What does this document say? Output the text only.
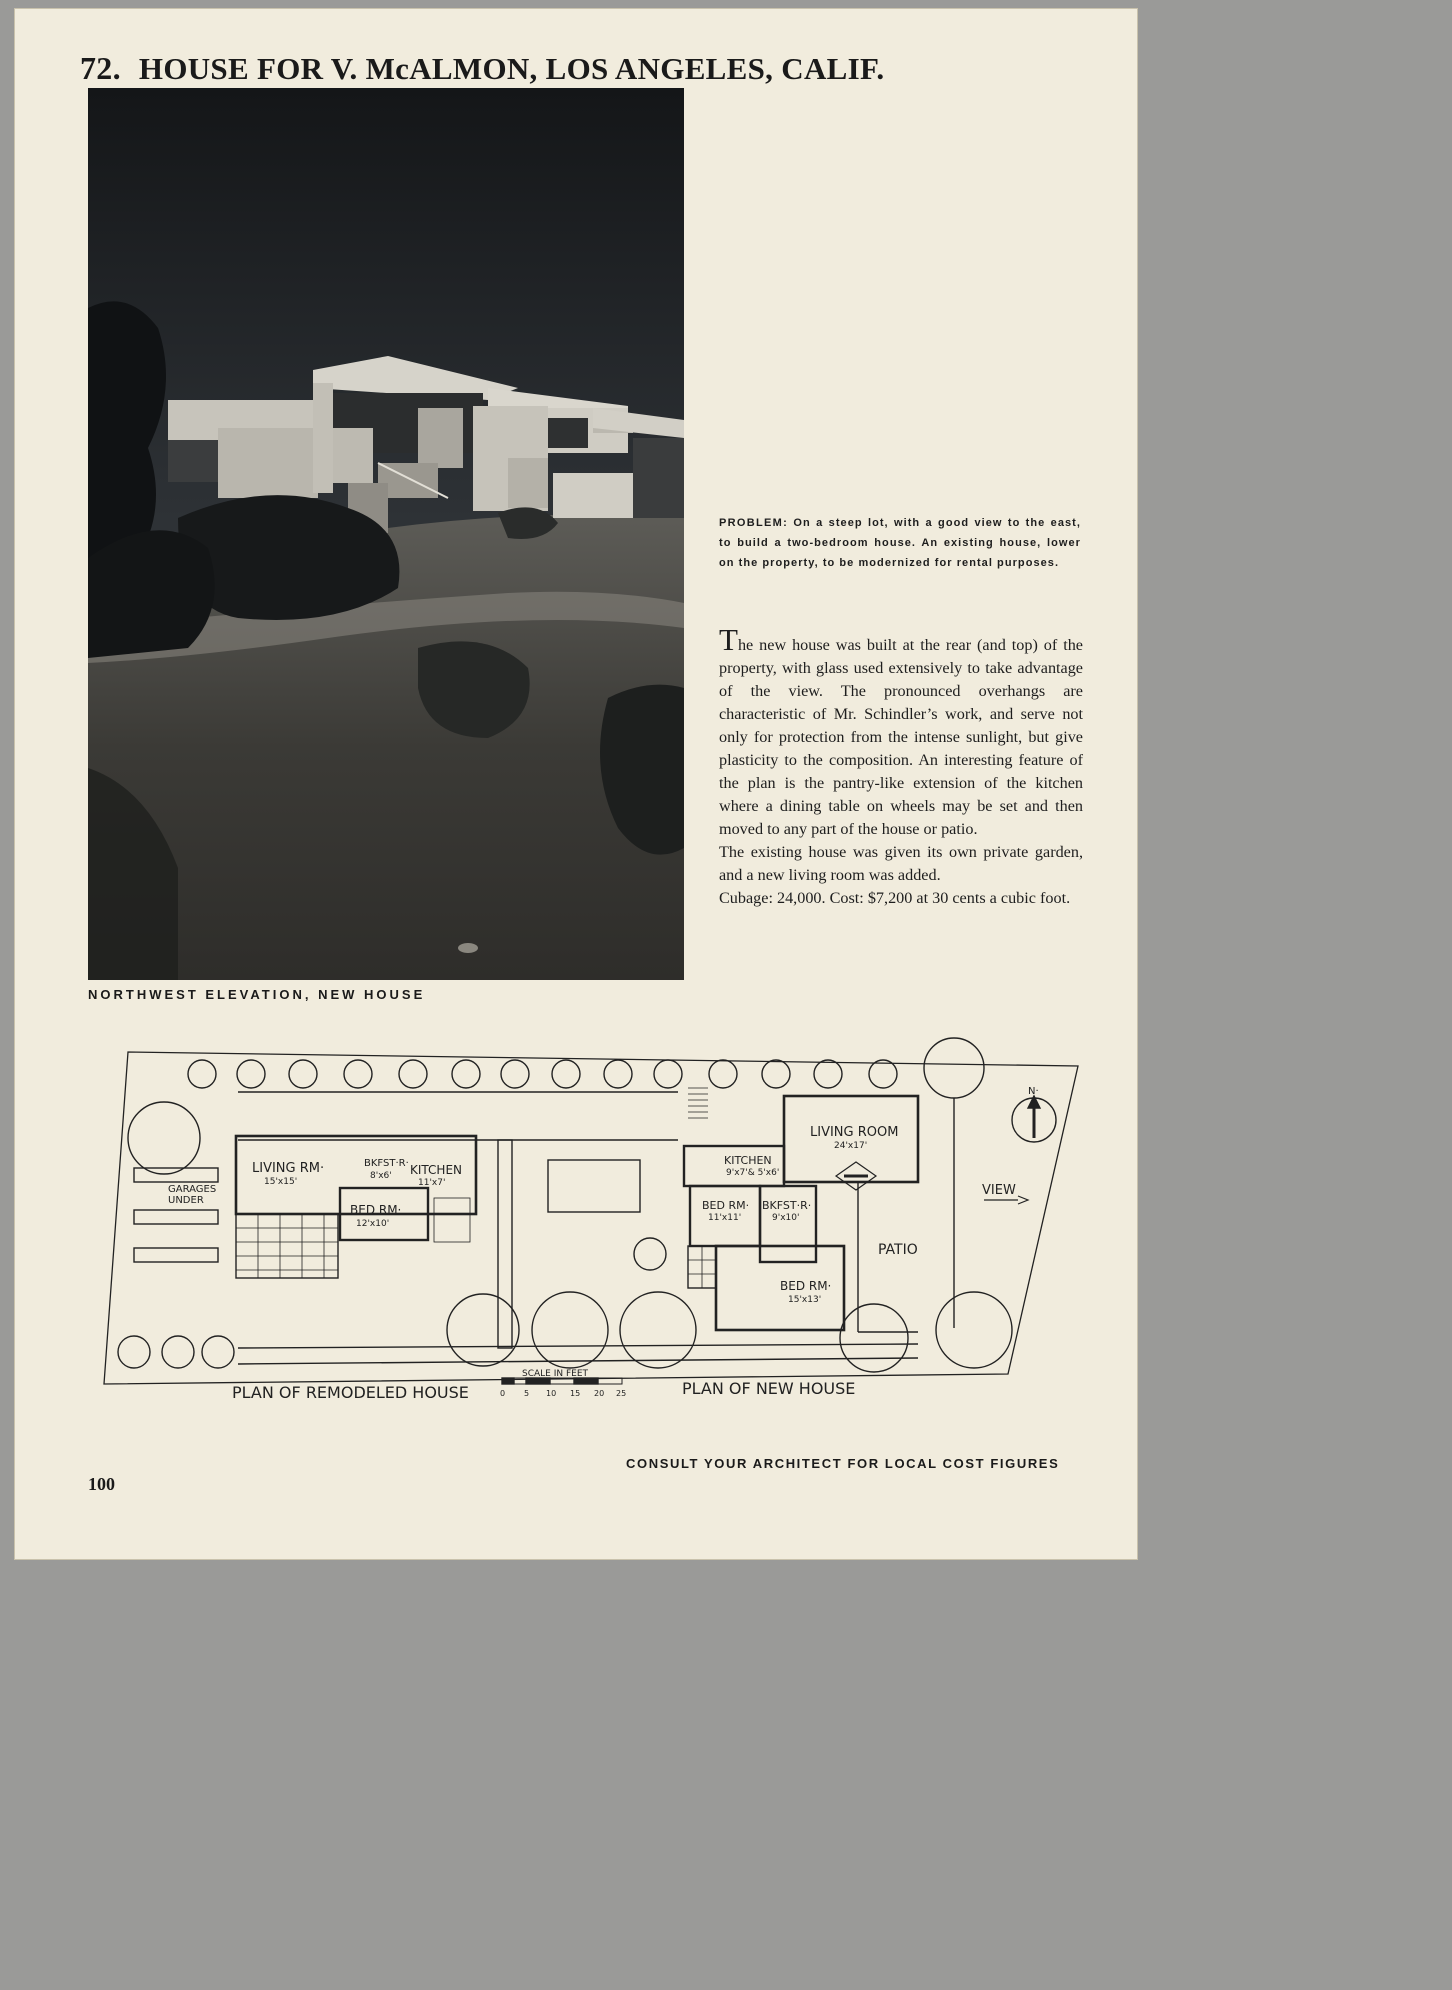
72. HOUSE FOR V. McALMON, LOS ANGELES, CALIF.

NORTHWEST ELEVATION, NEW HOUSE

PROBLEM: On a steep lot, with a good view to the east, to build a two-bedroom house. An existing house, lower on the property, to be modernized for rental purposes.

The new house was built at the rear (and top) of the property, with glass used extensively to take advantage of the view. The pronounced overhangs are characteristic of Mr. Schindler’s work, and serve not only for protection from the intense sunlight, but give plasticity to the composition. An interesting feature of the plan is the pantry-like extension of the kitchen where a dining table on wheels may be set and then moved to any part of the house or patio.

The existing house was given its own private garden, and a new living room was added.

Cubage: 24,000. Cost: $7,200 at 30 cents a cubic foot.

LIVING RM·
15'x15'
BKFST·R·
8'x6' KITCHEN
11'x7'
BED RM·
12'x10'
GARAGES
UNDER
LIVING ROOM
24'x17'
KITCHEN
9'x7'& 5'x6'
BED RM·
11'x11'
BKFST·R·
9'x10'
BED RM·
15'x13'
PATIO
VIEW
N·
PLAN OF REMODELED HOUSE	PLAN OF NEW HOUSE
SCALE IN FEET
0 5 10 15 20 25

CONSULT YOUR ARCHITECT FOR LOCAL COST FIGURES

100
